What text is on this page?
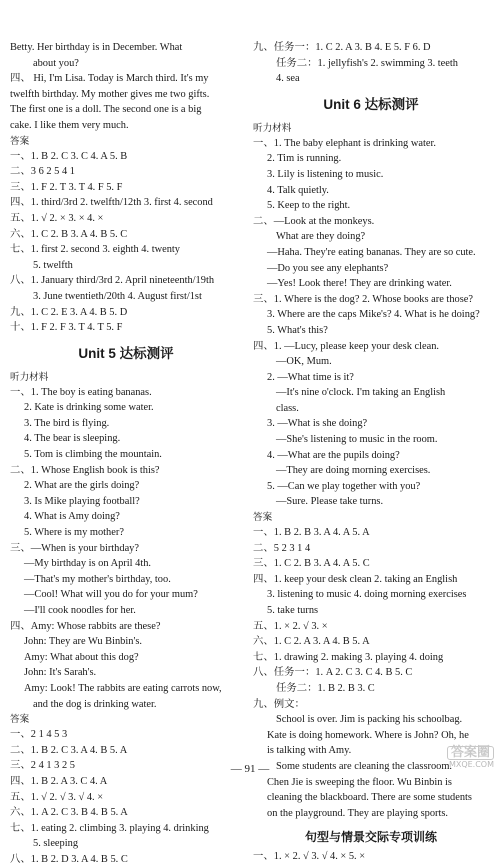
Betty. Her birthday is in December. What
about you?
四、 Hi, I'm Lisa. Today is March third. It's my
twelfth birthday. My mother gives me two gifts.
The first one is a doll. The second one is a big
cake. I like them very much.
答案
一、1. B 2. C 3. C 4. A 5. B
二、3 6 2 5 4 1
三、1. F 2. T 3. T 4. F 5. F
四、1. third/3rd 2. twelfth/12th 3. first 4. second
五、1. √ 2. × 3. × 4. ×
六、1. C 2. B 3. A 4. B 5. C
七、1. first 2. second 3. eighth 4. twenty
5. twelfth
八、1. January third/3rd 2. April nineteenth/19th
3. June twentieth/20th 4. August first/1st
九、1. C 2. E 3. A 4. B 5. D
十、1. F 2. F 3. T 4. T 5. F
Unit 5 达标测评
听力材料
一、1. The boy is eating bananas.
2. Kate is drinking some water.
3. The bird is flying.
4. The bear is sleeping.
5. Tom is climbing the mountain.
二、1. Whose English book is this?
2. What are the girls doing?
3. Is Mike playing football?
4. What is Amy doing?
5. Where is my mother?
三、—When is your birthday?
—My birthday is on April 4th.
—That's my mother's birthday, too.
—Cool! What will you do for your mum?
—I'll cook noodles for her.
四、Amy: Whose rabbits are these?
John: They are Wu Binbin's.
Amy: What about this dog?
John: It's Sarah's.
Amy: Look! The rabbits are eating carrots now,
and the dog is drinking water.
答案
一、2 1 4 5 3
二、1. B 2. C 3. A 4. B 5. A
三、2 4 1 3 2 5
四、1. B 2. A 3. C 4. A
五、1. √ 2. √ 3. √ 4. ×
六、1. A 2. C 3. B 4. B 5. A
七、1. eating 2. climbing 3. playing 4. drinking
5. sleeping
八、1. B 2. D 3. A 4. B 5. C
九、任务一：1. C 2. A 3. B 4. E 5. F 6. D
任务二：1. jellyfish's 2. swimming 3. teeth
4. sea
Unit 6 达标测评
听力材料
一、1. The baby elephant is drinking water.
2. Tim is running.
3. Lily is listening to music.
4. Talk quietly.
5. Keep to the right.
二、—Look at the monkeys.
What are they doing?
—Haha. They're eating bananas. They are so cute.
—Do you see any elephants?
—Yes! Look there! They are drinking water.
三、1. Where is the dog? 2. Whose books are those?
3. Where are the caps Mike's? 4. What is he doing?
5. What's this?
四、1. —Lucy, please keep your desk clean.
—OK, Mum.
2. —What time is it?
—It's nine o'clock. I'm taking an English
class.
3. —What is she doing?
—She's listening to music in the room.
4. —What are the pupils doing?
—They are doing morning exercises.
5. —Can we play together with you?
—Sure. Please take turns.
答案
一、1. B 2. B 3. A 4. A 5. A
二、5 2 3 1 4
三、1. C 2. B 3. A 4. A 5. C
四、1. keep your desk clean 2. taking an English
3. listening to music 4. doing morning exercises
5. take turns
五、1. × 2. √ 3. ×
六、1. C 2. A 3. A 4. B 5. A
七、1. drawing 2. making 3. playing 4. doing
八、任务一：1. A 2. C 3. C 4. B 5. C
任务二：1. B 2. B 3. C
九、例文：
School is over. Jim is packing his schoolbag.
Kate is doing homework. Where is John? Oh, he
is talking with Amy.
Some students are cleaning the classroom.
Chen Jie is sweeping the floor. Wu Binbin is
cleaning the blackboard. There are some students
on the playground. They are playing sports.
句型与情景交际专项训练
一、1. × 2. √ 3. √ 4. × 5. ×
— 91 —
答案圈
MXQE.COM
